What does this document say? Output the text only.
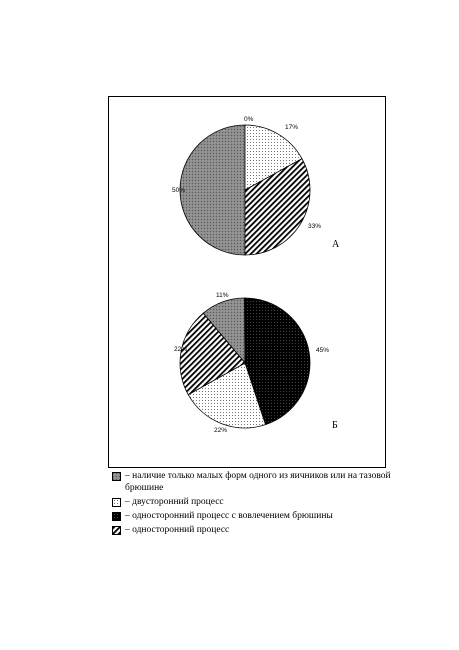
50%
0%
17%
33%
11%
45%
22%
22%
А
Б
– наличие только малых форм одного из яичников или на тазовой брюшине
– двусторонний процесс
– односторонний процесс с вовлечением брюшины
– односторонний процесс
